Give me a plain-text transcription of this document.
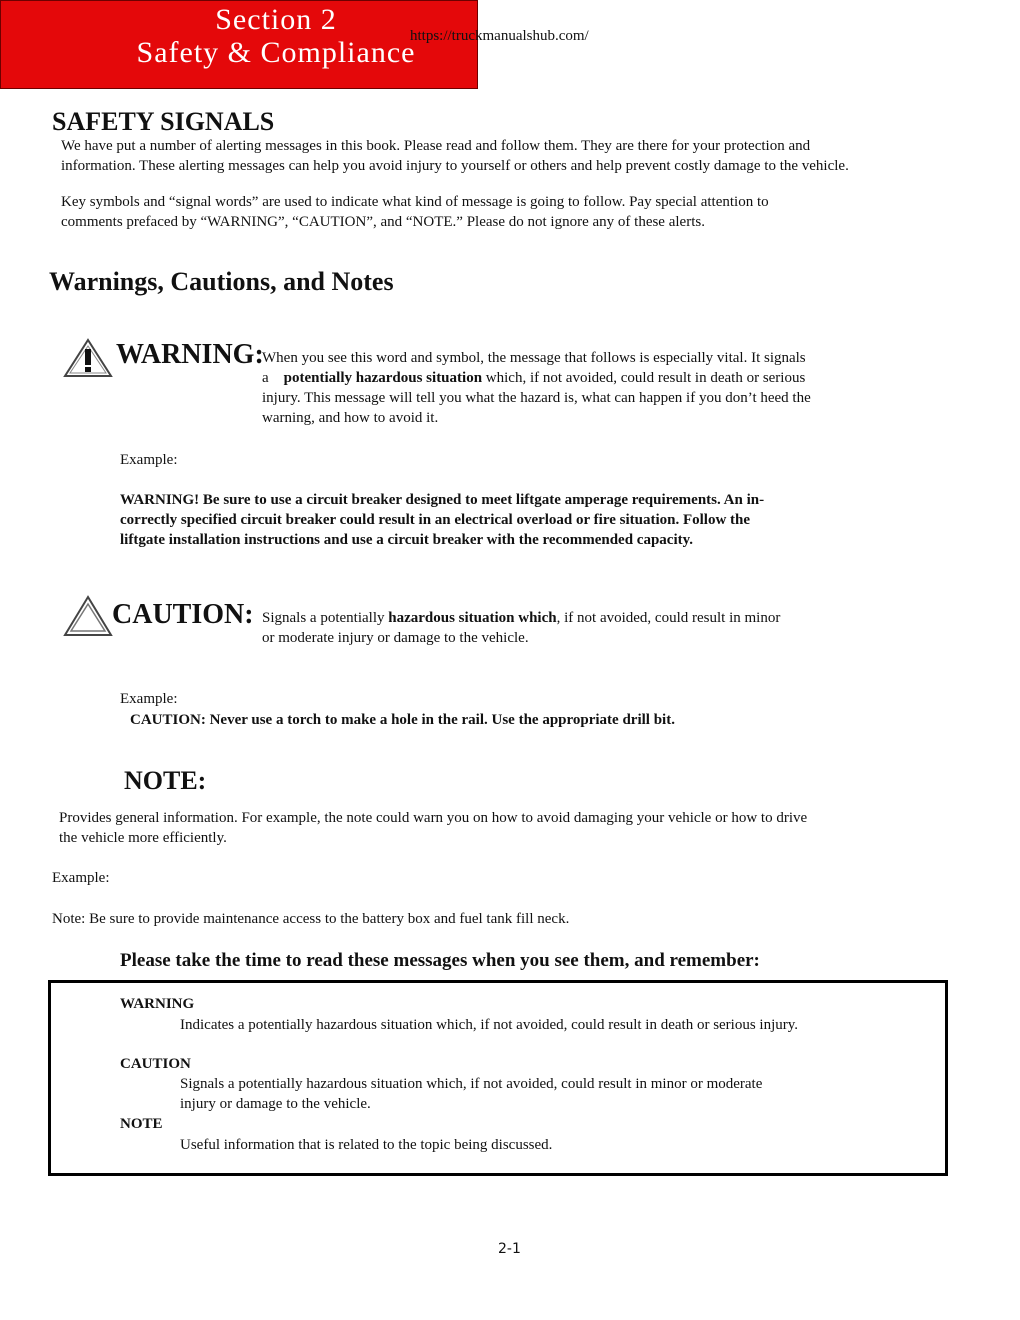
Section 2
Safety & Compliance
https://truckmanualshub.com/
SAFETY SIGNALS
We have put a number of alerting messages in this book. Please read and follow them. They are there for your protection and
information. These alerting messages can help you avoid injury to yourself or others and help prevent costly damage to the vehicle.
Key symbols and “signal words” are used to indicate what kind of message is going to follow. Pay special attention to
comments prefaced by “WARNING”, “CAUTION”, and “NOTE.” Please do not ignore any of these alerts.
Warnings, Cautions, and Notes
WARNING:
When you see this word and symbol, the message that follows is especially vital. It signals
a potentially hazardous situation which, if not avoided, could result in death or serious
injury. This message will tell you what the hazard is, what can happen if you don’t heed the
warning, and how to avoid it.
Example:
WARNING! Be sure to use a circuit breaker designed to meet liftgate amperage requirements. An in-
correctly specified circuit breaker could result in an electrical overload or fire situation. Follow the
liftgate installation instructions and use a circuit breaker with the recommended capacity.
CAUTION: Signals a potentially hazardous situation which, if not avoided, could result in minor
or moderate injury or damage to the vehicle.
Example:
CAUTION: Never use a torch to make a hole in the rail. Use the appropriate drill bit.
NOTE:
Provides general information. For example, the note could warn you on how to avoid damaging your vehicle or how to drive
the vehicle more efficiently.
Example:
Note: Be sure to provide maintenance access to the battery box and fuel tank fill neck.
Please take the time to read these messages when you see them, and remember:
WARNING
Indicates a potentially hazardous situation which, if not avoided, could result in death or serious injury.
CAUTION
Signals a potentially hazardous situation which, if not avoided, could result in minor or moderate
injury or damage to the vehicle.
NOTE
Useful information that is related to the topic being discussed.
2-1
